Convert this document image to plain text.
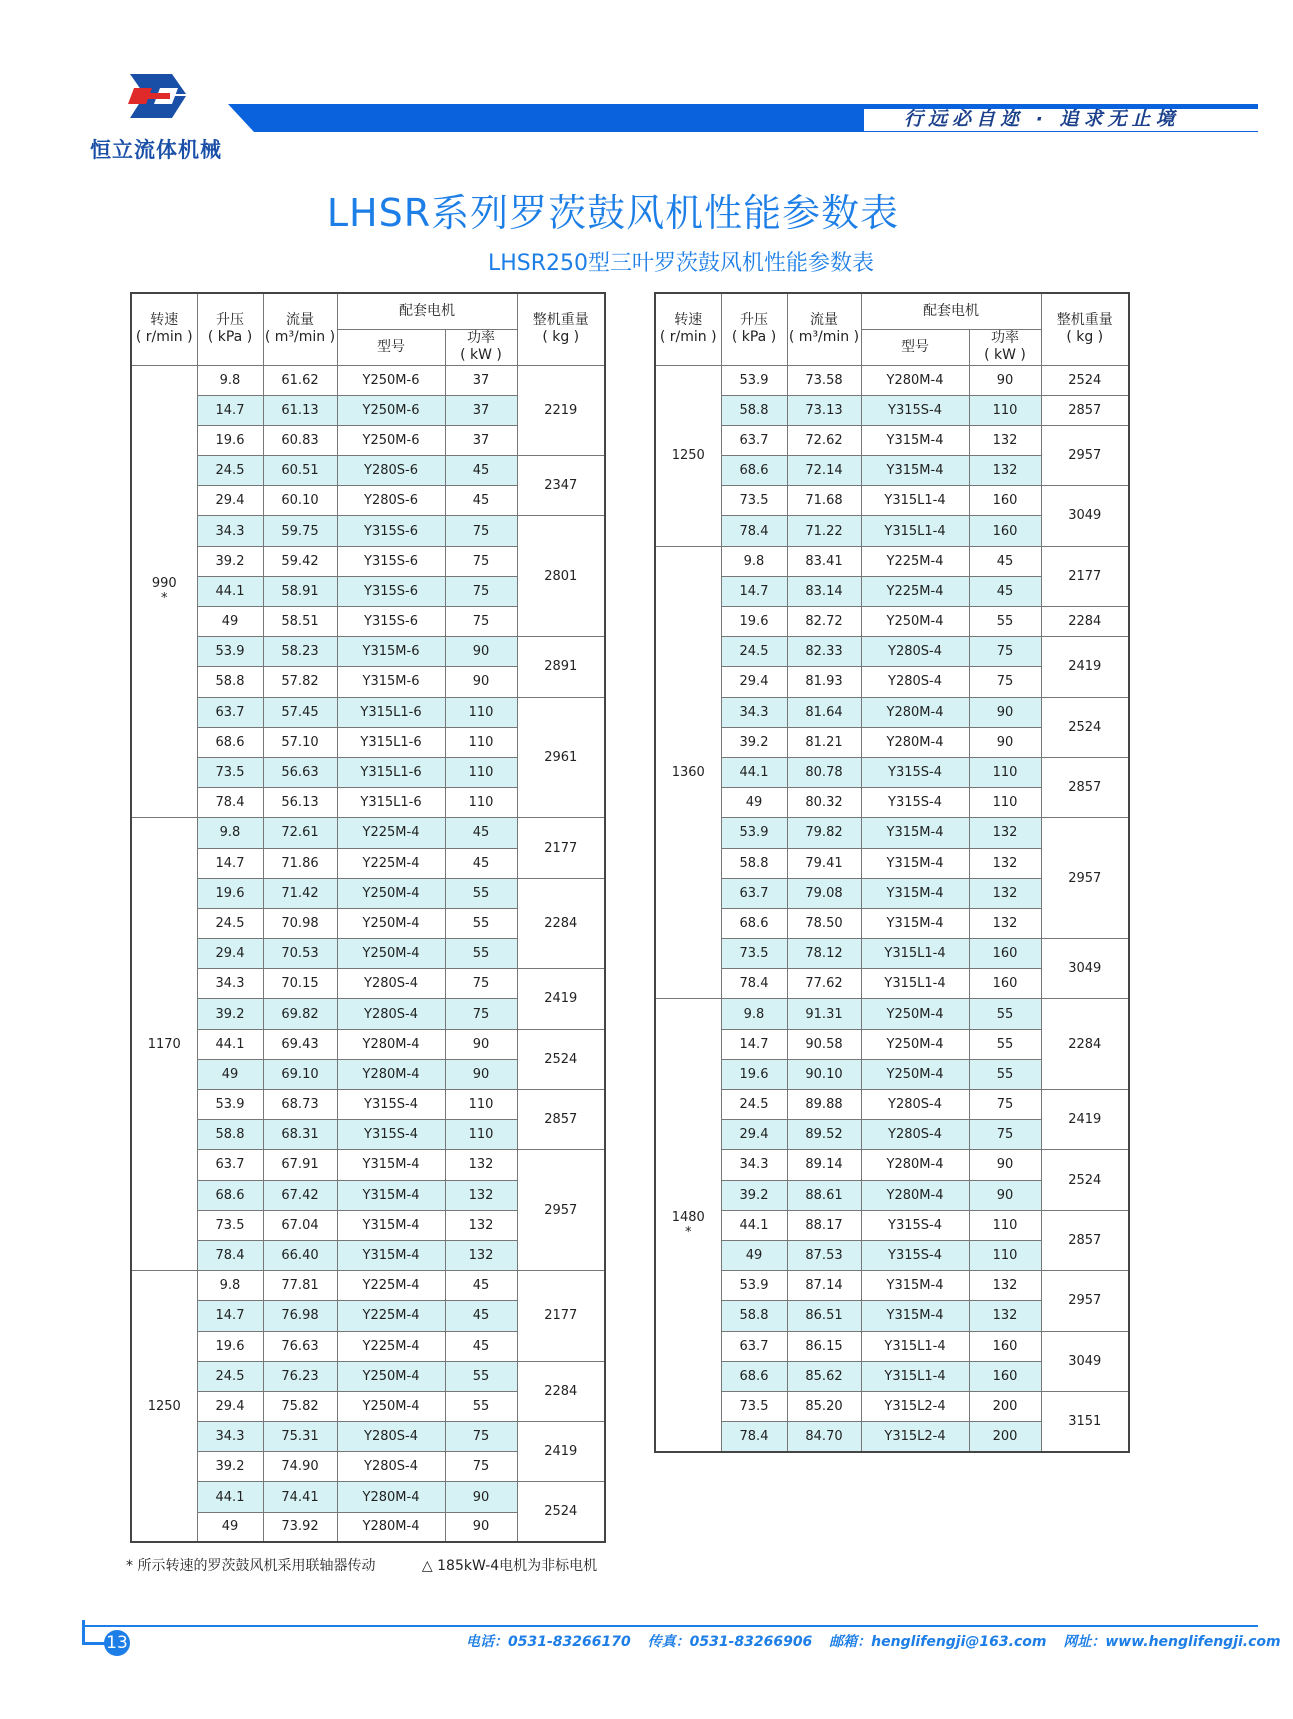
恒立流体机械
行远必自迩 · 追求无止境
LHSR系列罗茨鼓风机性能参数表
LHSR250型三叶罗茨鼓风机性能参数表
转速
( r/min )	升压
( kPa )	流量
( m³/min )	配套电机		整机重量
( kg )
			型号	功率
( kW )	
990
*	9.8	61.62	Y250M-6	37	2219
	14.7	61.13	Y250M-6	37	
	19.6	60.83	Y250M-6	37	
	24.5	60.51	Y280S-6	45	2347
	29.4	60.10	Y280S-6	45	
	34.3	59.75	Y315S-6	75	2801
	39.2	59.42	Y315S-6	75	
	44.1	58.91	Y315S-6	75	
	49	58.51	Y315S-6	75	
	53.9	58.23	Y315M-6	90	2891
	58.8	57.82	Y315M-6	90	
	63.7	57.45	Y315L1-6	110	2961
	68.6	57.10	Y315L1-6	110	
	73.5	56.63	Y315L1-6	110	
	78.4	56.13	Y315L1-6	110	
1170	9.8	72.61	Y225M-4	45	2177
	14.7	71.86	Y225M-4	45	
	19.6	71.42	Y250M-4	55	2284
	24.5	70.98	Y250M-4	55	
	29.4	70.53	Y250M-4	55	
	34.3	70.15	Y280S-4	75	2419
	39.2	69.82	Y280S-4	75	
	44.1	69.43	Y280M-4	90	2524
	49	69.10	Y280M-4	90	
	53.9	68.73	Y315S-4	110	2857
	58.8	68.31	Y315S-4	110	
	63.7	67.91	Y315M-4	132	2957
	68.6	67.42	Y315M-4	132	
	73.5	67.04	Y315M-4	132	
	78.4	66.40	Y315M-4	132	
1250	9.8	77.81	Y225M-4	45	2177
	14.7	76.98	Y225M-4	45	
	19.6	76.63	Y225M-4	45	
	24.5	76.23	Y250M-4	55	2284
	29.4	75.82	Y250M-4	55	
	34.3	75.31	Y280S-4	75	2419
	39.2	74.90	Y280S-4	75	
	44.1	74.41	Y280M-4	90	2524
	49	73.92	Y280M-4	90	
转速
( r/min )	升压
( kPa )	流量
( m³/min )	配套电机		整机重量
( kg )
			型号	功率
( kW )	
1250	53.9	73.58	Y280M-4	90	2524
	58.8	73.13	Y315S-4	110	2857
	63.7	72.62	Y315M-4	132	2957
	68.6	72.14	Y315M-4	132	
	73.5	71.68	Y315L1-4	160	3049
	78.4	71.22	Y315L1-4	160	
1360	9.8	83.41	Y225M-4	45	2177
	14.7	83.14	Y225M-4	45	
	19.6	82.72	Y250M-4	55	2284
	24.5	82.33	Y280S-4	75	2419
	29.4	81.93	Y280S-4	75	
	34.3	81.64	Y280M-4	90	2524
	39.2	81.21	Y280M-4	90	
	44.1	80.78	Y315S-4	110	2857
	49	80.32	Y315S-4	110	
	53.9	79.82	Y315M-4	132	2957
	58.8	79.41	Y315M-4	132	
	63.7	79.08	Y315M-4	132	
	68.6	78.50	Y315M-4	132	
	73.5	78.12	Y315L1-4	160	3049
	78.4	77.62	Y315L1-4	160	
1480
*	9.8	91.31	Y250M-4	55	2284
	14.7	90.58	Y250M-4	55	
	19.6	90.10	Y250M-4	55	
	24.5	89.88	Y280S-4	75	2419
	29.4	89.52	Y280S-4	75	
	34.3	89.14	Y280M-4	90	2524
	39.2	88.61	Y280M-4	90	
	44.1	88.17	Y315S-4	110	2857
	49	87.53	Y315S-4	110	
	53.9	87.14	Y315M-4	132	2957
	58.8	86.51	Y315M-4	132	
	63.7	86.15	Y315L1-4	160	3049
	68.6	85.62	Y315L1-4	160	
	73.5	85.20	Y315L2-4	200	3151
	78.4	84.70	Y315L2-4	200	
* 所示转速的罗茨鼓风机采用联轴器传动	△ 185kW-4电机为非标电机
13	电话：0531-83266170 传真：0531-83266906 邮箱：henglifengji@163.com 网址：www.henglifengji.com
